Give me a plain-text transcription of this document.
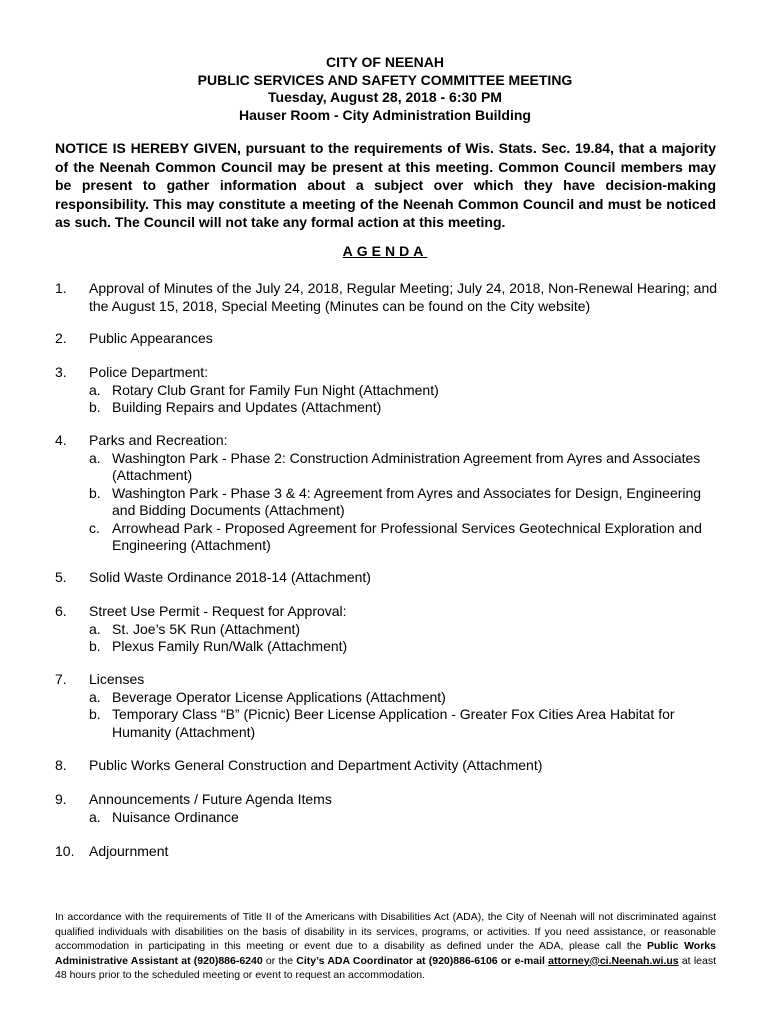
CITY OF NEENAH
PUBLIC SERVICES AND SAFETY COMMITTEE MEETING
Tuesday, August 28, 2018 - 6:30 PM
Hauser Room - City Administration Building
NOTICE IS HEREBY GIVEN, pursuant to the requirements of Wis. Stats. Sec. 19.84, that a majority of the Neenah Common Council may be present at this meeting. Common Council members may be present to gather information about a subject over which they have decision-making responsibility. This may constitute a meeting of the Neenah Common Council and must be noticed as such. The Council will not take any formal action at this meeting.
AGENDA
1. Approval of Minutes of the July 24, 2018, Regular Meeting; July 24, 2018, Non-Renewal Hearing; and the August 15, 2018, Special Meeting (Minutes can be found on the City website)
2. Public Appearances
3. Police Department:
a. Rotary Club Grant for Family Fun Night (Attachment)
b. Building Repairs and Updates (Attachment)
4. Parks and Recreation:
a. Washington Park - Phase 2: Construction Administration Agreement from Ayres and Associates (Attachment)
b. Washington Park - Phase 3 & 4: Agreement from Ayres and Associates for Design, Engineering and Bidding Documents (Attachment)
c. Arrowhead Park - Proposed Agreement for Professional Services Geotechnical Exploration and Engineering (Attachment)
5. Solid Waste Ordinance 2018-14 (Attachment)
6. Street Use Permit - Request for Approval:
a. St. Joe’s 5K Run (Attachment)
b. Plexus Family Run/Walk (Attachment)
7. Licenses
a. Beverage Operator License Applications (Attachment)
b. Temporary Class “B” (Picnic) Beer License Application - Greater Fox Cities Area Habitat for Humanity (Attachment)
8. Public Works General Construction and Department Activity (Attachment)
9. Announcements / Future Agenda Items
a. Nuisance Ordinance
10. Adjournment
In accordance with the requirements of Title II of the Americans with Disabilities Act (ADA), the City of Neenah will not discriminated against qualified individuals with disabilities on the basis of disability in its services, programs, or activities. If you need assistance, or reasonable accommodation in participating in this meeting or event due to a disability as defined under the ADA, please call the Public Works Administrative Assistant at (920)886-6240 or the City’s ADA Coordinator at (920)886-6106 or e-mail attorney@ci.Neenah.wi.us at least 48 hours prior to the scheduled meeting or event to request an accommodation.
